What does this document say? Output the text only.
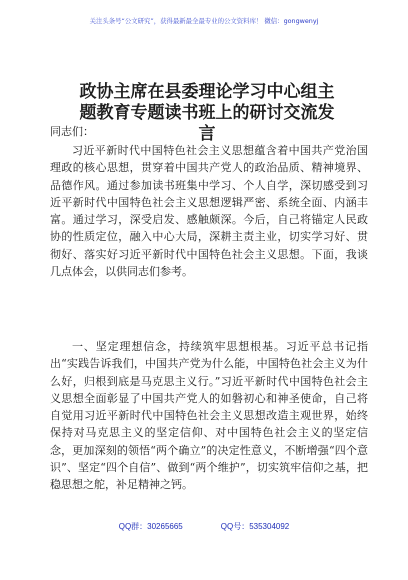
关注头条号“公文研究”，获得最新最全最专业的公文资料库！ 微信：gongwenyj
政协主席在县委理论学习中心组主题教育专题读书班上的研讨交流发言

同志们：

习近平新时代中国特色社会主义思想蕴含着中国共产党治国理政的核心思想，贯穿着中国共产党人的政治品质、精神境界、品德作风。通过参加读书班集中学习、个人自学，深切感受到习近平新时代中国特色社会主义思想逻辑严密、系统全面、内涵丰富。通过学习，深受启发、感触颇深。今后，自己将锚定人民政协的性质定位，融入中心大局，深耕主责主业，切实学习好、贯彻好、落实好习近平新时代中国特色社会主义思想。下面，我谈几点体会，以供同志们参考。

一、坚定理想信念，持续筑牢思想根基。习近平总书记指出“实践告诉我们，中国共产党为什么能，中国特色社会主义为什么好，归根到底是马克思主义行。”习近平新时代中国特色社会主义思想全面彰显了中国共产党人的如磐初心和神圣使命，自己将自觉用习近平新时代中国特色社会主义思想改造主观世界，始终保持对马克思主义的坚定信仰、对中国特色社会主义的坚定信念，更加深刻的领悟“两个确立”的决定性意义，不断增强“四个意识”、坚定“四个自信”、做到“两个维护”，切实筑牢信仰之基，把稳思想之舵，补足精神之钙。

QQ群：30265665	QQ号：535304092
